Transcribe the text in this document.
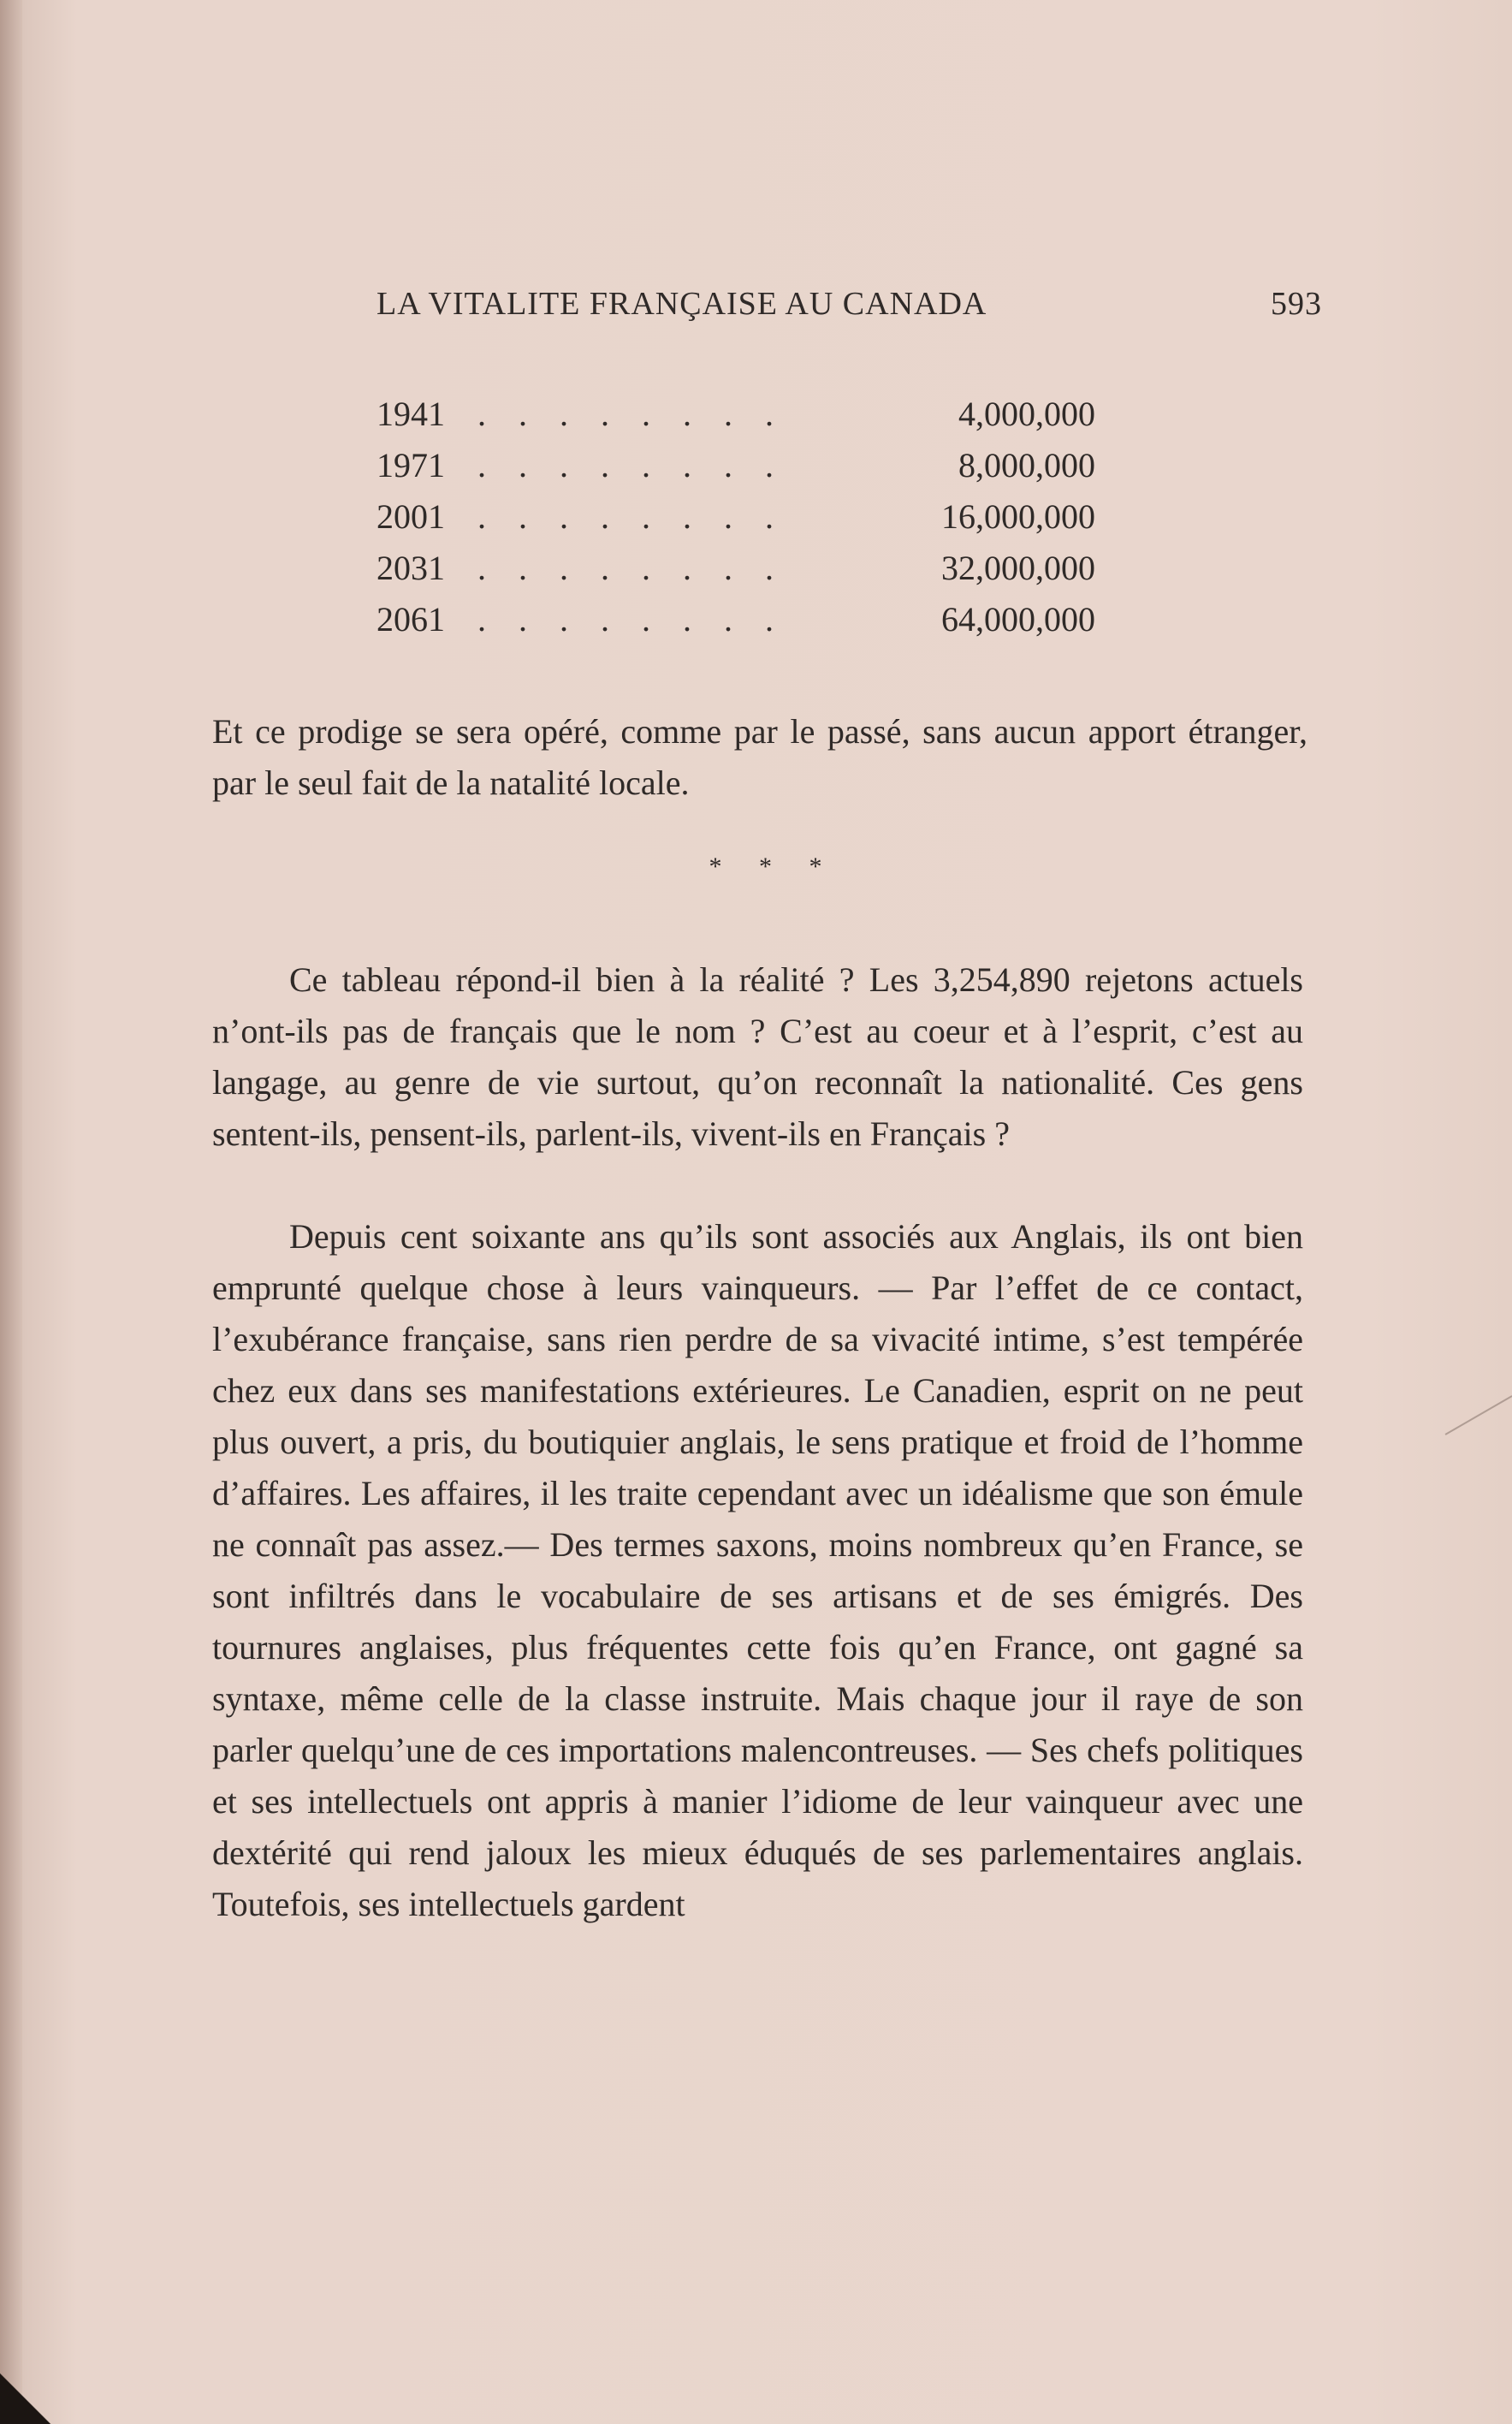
LA VITALITE FRANÇAISE AU CANADA	593
1941 . . . . . . . .	4,000,000
1971 . . . . . . . .	8,000,000
2001 . . . . . . . .	16,000,000
2031 . . . . . . . .	32,000,000
2061 . . . . . . . .	64,000,000

Et ce prodige se sera opéré, comme par le passé, sans aucun apport étranger, par le seul fait de la natalité locale.

* * *

Ce tableau répond-il bien à la réalité ? Les 3,254,890 rejetons actuels n’ont-ils pas de français que le nom ? C’est au coeur et à l’esprit, c’est au langage, au genre de vie surtout, qu’on reconnaît la nationalité. Ces gens sentent-ils, pensent-ils, parlent-ils, vivent-ils en Français ?

Depuis cent soixante ans qu’ils sont associés aux Anglais, ils ont bien emprunté quelque chose à leurs vainqueurs. — Par l’effet de ce contact, l’exubérance française, sans rien perdre de sa vivacité intime, s’est tempérée chez eux dans ses manifestations extérieures. Le Canadien, esprit on ne peut plus ouvert, a pris, du boutiquier anglais, le sens pratique et froid de l’homme d’affaires. Les affaires, il les traite cependant avec un idéalisme que son émule ne connaît pas assez.— Des termes saxons, moins nombreux qu’en France, se sont infiltrés dans le vocabulaire de ses artisans et de ses émigrés. Des tournures anglaises, plus fréquentes cette fois qu’en France, ont gagné sa syntaxe, même celle de la classe instruite. Mais chaque jour il raye de son parler quelqu’une de ces importations malencontreuses. — Ses chefs politiques et ses intellectuels ont appris à manier l’idiome de leur vainqueur avec une dextérité qui rend jaloux les mieux éduqués de ses parlementaires anglais. Toutefois, ses intellectuels gardent
